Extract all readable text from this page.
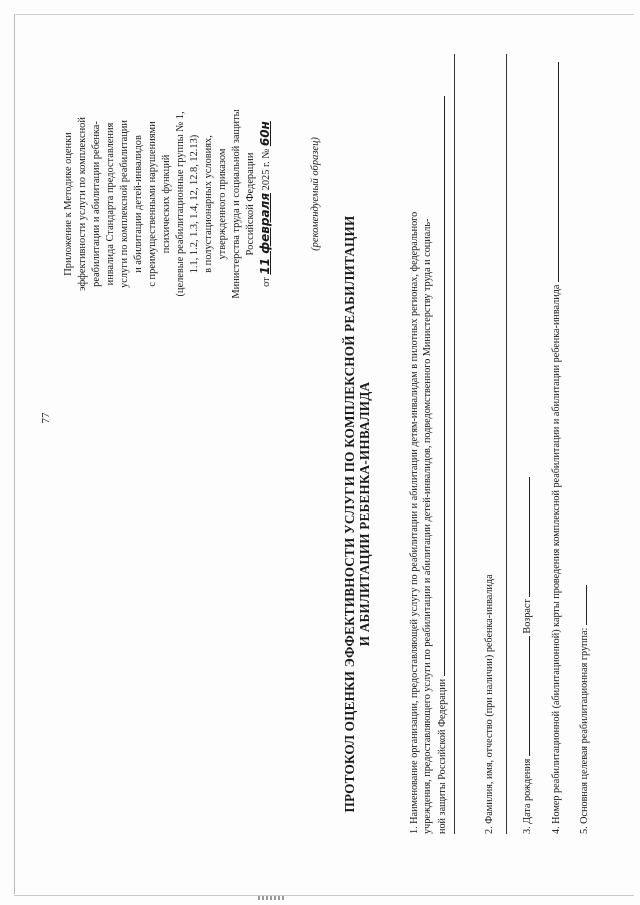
77
Приложение к Методике оценки эффективности услуги по комплексной реабилитации и абилитации ребенка- инвалида Стандарта предоставления услуги по комплексной реабилитации и абилитации детей-инвалидов с преимущественными нарушениями психических функций (целевые реабилитационные группы № 1, 1.1, 1.2, 1.3, 1.4, 12, 12.8, 12.13) в полустационарных условиях, утвержденного приказом Министерства труда и социальной защиты Российской Федерации
от 11 февраля 2025 г. № 60н
(рекомендуемый образец)
ПРОТОКОЛ ОЦЕНКИ ЭФФЕКТИВНОСТИ УСЛУГИ ПО КОМПЛЕКСНОЙ РЕАБИЛИТАЦИИ И АБИЛИТАЦИИ РЕБЕНКА-ИНВАЛИДА	1. Наименование организации, предоставляющей услугу по реабилитации и абилитации детям-инвалидам в пилотных регионах, федерального учреждения, предоставляющего услуги по реабилитации и абилитации детей-инвалидов, подведомственного Министерству труда и социаль- ной защиты Российской Федерации	2. Фамилия, имя, отчество (при наличии) ребенка-инвалида	3. Дата рождения  Возраст 4. Номер реабилитационной (абилитационной) карты проведения комплексной реабилитации и абилитации ребенка-инвалида 5. Основная целевая реабилитационная группа:
